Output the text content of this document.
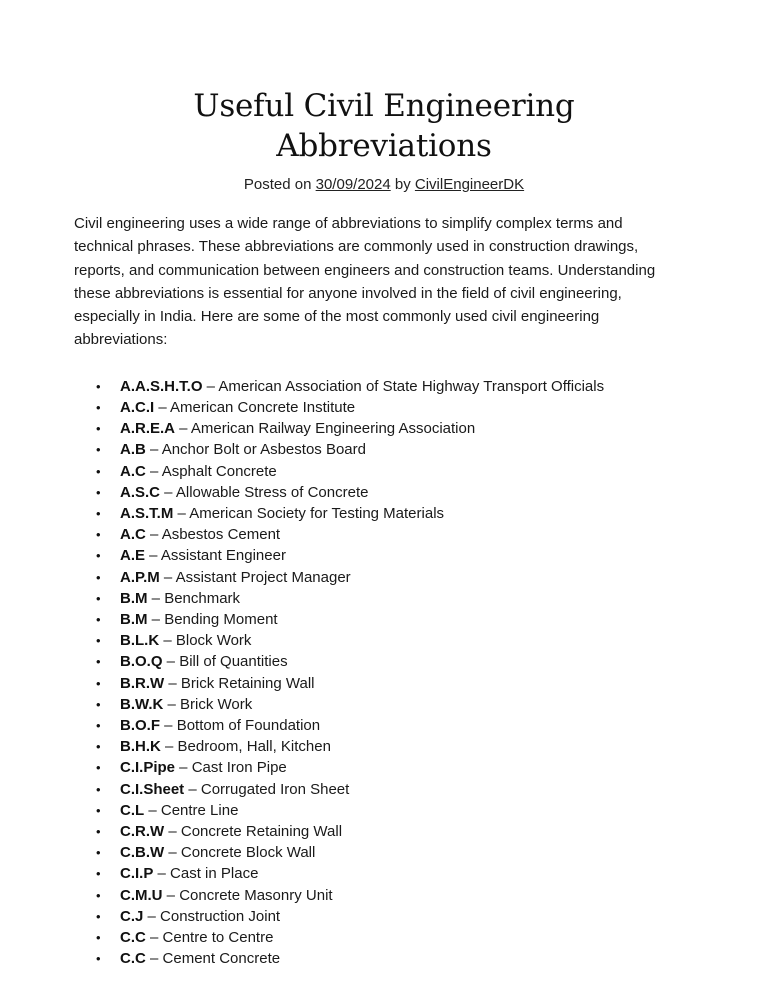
Useful Civil Engineering Abbreviations
Posted on 30/09/2024 by CivilEngineerDK

Civil engineering uses a wide range of abbreviations to simplify complex terms and technical phrases. These abbreviations are commonly used in construction drawings, reports, and communication between engineers and construction teams. Understanding these abbreviations is essential for anyone involved in the field of civil engineering, especially in India. Here are some of the most commonly used civil engineering abbreviations:

• A.A.S.H.T.O – American Association of State Highway Transport Officials
• A.C.I – American Concrete Institute
• A.R.E.A – American Railway Engineering Association
• A.B – Anchor Bolt or Asbestos Board
• A.C – Asphalt Concrete
• A.S.C – Allowable Stress of Concrete
• A.S.T.M – American Society for Testing Materials
• A.C – Asbestos Cement
• A.E – Assistant Engineer
• A.P.M – Assistant Project Manager
• B.M – Benchmark
• B.M – Bending Moment
• B.L.K – Block Work
• B.O.Q – Bill of Quantities
• B.R.W – Brick Retaining Wall
• B.W.K – Brick Work
• B.O.F – Bottom of Foundation
• B.H.K – Bedroom, Hall, Kitchen
• C.I.Pipe – Cast Iron Pipe
• C.I.Sheet – Corrugated Iron Sheet
• C.L – Centre Line
• C.R.W – Concrete Retaining Wall
• C.B.W – Concrete Block Wall
• C.I.P – Cast in Place
• C.M.U – Concrete Masonry Unit
• C.J – Construction Joint
• C.C – Centre to Centre
• C.C – Cement Concrete
